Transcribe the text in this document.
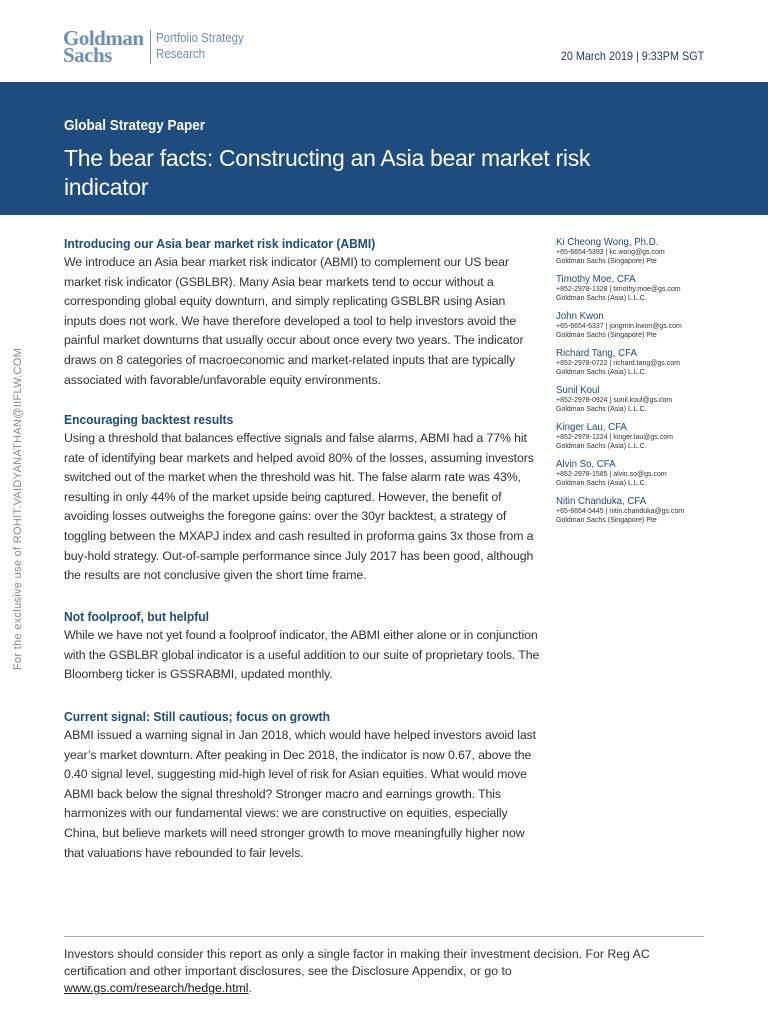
Goldman
Sachs
Portfolio Strategy
Research	20 March 2019 | 9:33PM SGT
Global Strategy Paper
The bear facts: Constructing an Asia bear market risk indicator
For the exclusive use of ROHIT.VAIDYANATHAN@IIFLW.COM
Introducing our Asia bear market risk indicator (ABMI)
We introduce an Asia bear market risk indicator (ABMI) to complement our US bear market risk indicator (GSBLBR). Many Asia bear markets tend to occur without a corresponding global equity downturn, and simply replicating GSBLBR using Asian inputs does not work. We have therefore developed a tool to help investors avoid the painful market downturns that usually occur about once every two years. The indicator draws on 8 categories of macroeconomic and market-related inputs that are typically associated with favorable/unfavorable equity environments.
Encouraging backtest results
Using a threshold that balances effective signals and false alarms, ABMI had a 77% hit rate of identifying bear markets and helped avoid 80% of the losses, assuming investors switched out of the market when the threshold was hit. The false alarm rate was 43%, resulting in only 44% of the market upside being captured. However, the benefit of avoiding losses outweighs the foregone gains: over the 30yr backtest, a strategy of toggling between the MXAPJ index and cash resulted in proforma gains 3x those from a buy-hold strategy. Out-of-sample performance since July 2017 has been good, although the results are not conclusive given the short time frame.
Not foolproof, but helpful
While we have not yet found a foolproof indicator, the ABMI either alone or in conjunction with the GSBLBR global indicator is a useful addition to our suite of proprietary tools. The Bloomberg ticker is GSSRABMI, updated monthly.
Current signal: Still cautious; focus on growth
ABMI issued a warning signal in Jan 2018, which would have helped investors avoid last year’s market downturn. After peaking in Dec 2018, the indicator is now 0.67, above the 0.40 signal level, suggesting mid-high level of risk for Asian equities. What would move ABMI back below the signal threshold? Stronger macro and earnings growth. This harmonizes with our fundamental views: we are constructive on equities, especially China, but believe markets will need stronger growth to move meaningfully higher now that valuations have rebounded to fair levels.
Ki Cheong Wong, Ph.D.
+65-6654-5393 | kc.wong@gs.com
Goldman Sachs (Singapore) Pte
Timothy Moe, CFA
+852-2978-1328 | timothy.moe@gs.com
Goldman Sachs (Asia) L.L.C.
John Kwon
+65-6654-6337 | jongmin.kwon@gs.com
Goldman Sachs (Singapore) Pte
Richard Tang, CFA
+852-2978-0722 | richard.tang@gs.com
Goldman Sachs (Asia) L.L.C.
Sunil Koul
+852-2978-0924 | sunil.koul@gs.com
Goldman Sachs (Asia) L.L.C.
Kinger Lau, CFA
+852-2978-1224 | kinger.lau@gs.com
Goldman Sachs (Asia) L.L.C.
Alvin So, CFA
+852-2978-1585 | alvin.so@gs.com
Goldman Sachs (Asia) L.L.C.
Nitin Chanduka, CFA
+65-6654-5445 | nitin.chanduka@gs.com
Goldman Sachs (Singapore) Pte
Investors should consider this report as only a single factor in making their investment decision. For Reg AC certification and other important disclosures, see the Disclosure Appendix, or go to
www.gs.com/research/hedge.html.
